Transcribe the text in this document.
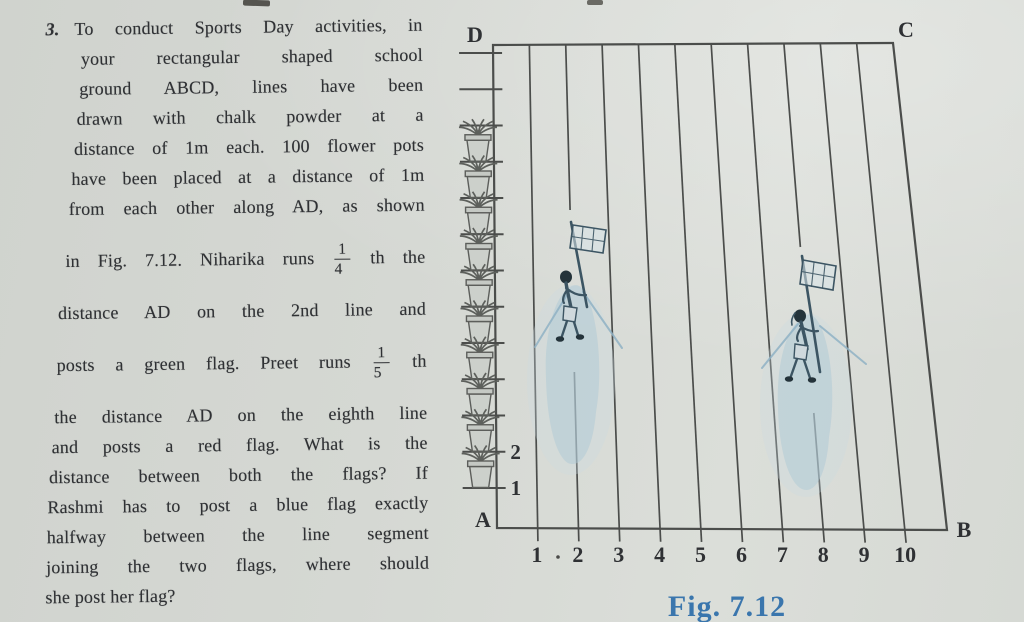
3. To conduct Sports Day activities, in
your rectangular shaped school
ground ABCD, lines have been
drawn with chalk powder at a
distance of 1m each. 100 flower pots
have been placed at a distance of 1m
from each other along AD, as shown
in Fig. 7.12. Niharika runs $\frac{1}{4}$ th the
distance AD on the 2nd line and
posts a green flag. Preet runs $\frac{1}{5}$ th
the distance AD on the eighth line
and posts a red flag. What is the
distance between both the flags? If
Rashmi has to post a blue flag exactly
halfway between the line segment
joining the two flags, where should
she post her flag?
1 2 3 4 5 6 7 8 9 10
2
1
D	C
A	B
Fig. 7.12
